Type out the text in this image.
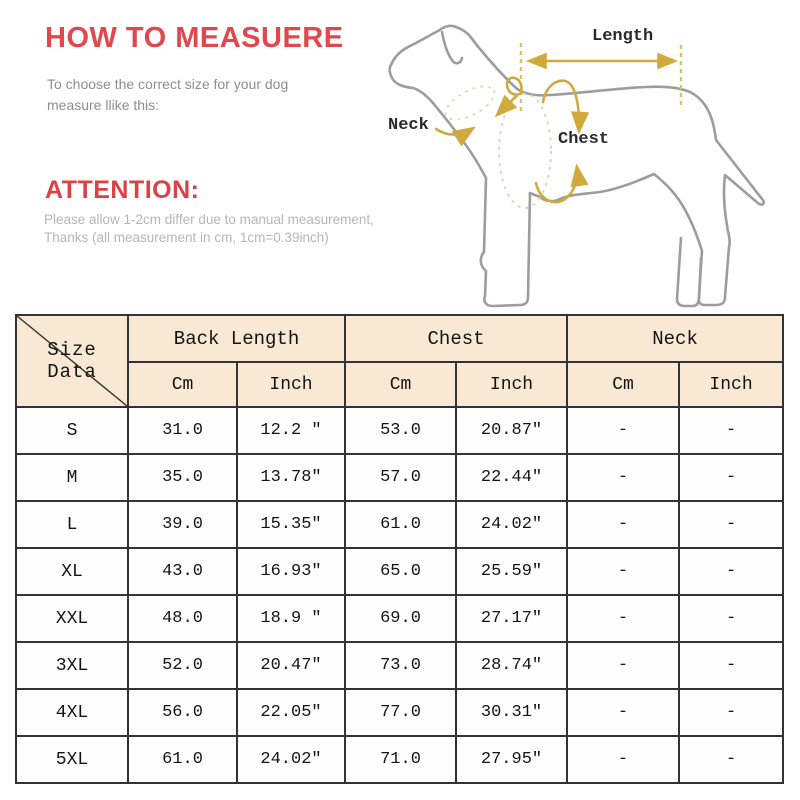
HOW TO MEASUERE
To choose the correct size for your dog
measure llike this:
ATTENTION:
Please allow 1-2cm differ due to manual measurement,
Thanks (all measurement in cm, 1cm=0.39inch)
Length
Neck
Chest
Size Data	Back Length		Chest		Neck	
	Cm	Inch	Cm	Inch	Cm	Inch
S	31.0	12.2 ″	53.0	20.87″	-	-
M	35.0	13.78″	57.0	22.44″	-	-
L	39.0	15.35″	61.0	24.02″	-	-
XL	43.0	16.93″	65.0	25.59″	-	-
XXL	48.0	18.9 ″	69.0	27.17″	-	-
3XL	52.0	20.47″	73.0	28.74″	-	-
4XL	56.0	22.05″	77.0	30.31″	-	-
5XL	61.0	24.02″	71.0	27.95″	-	-
